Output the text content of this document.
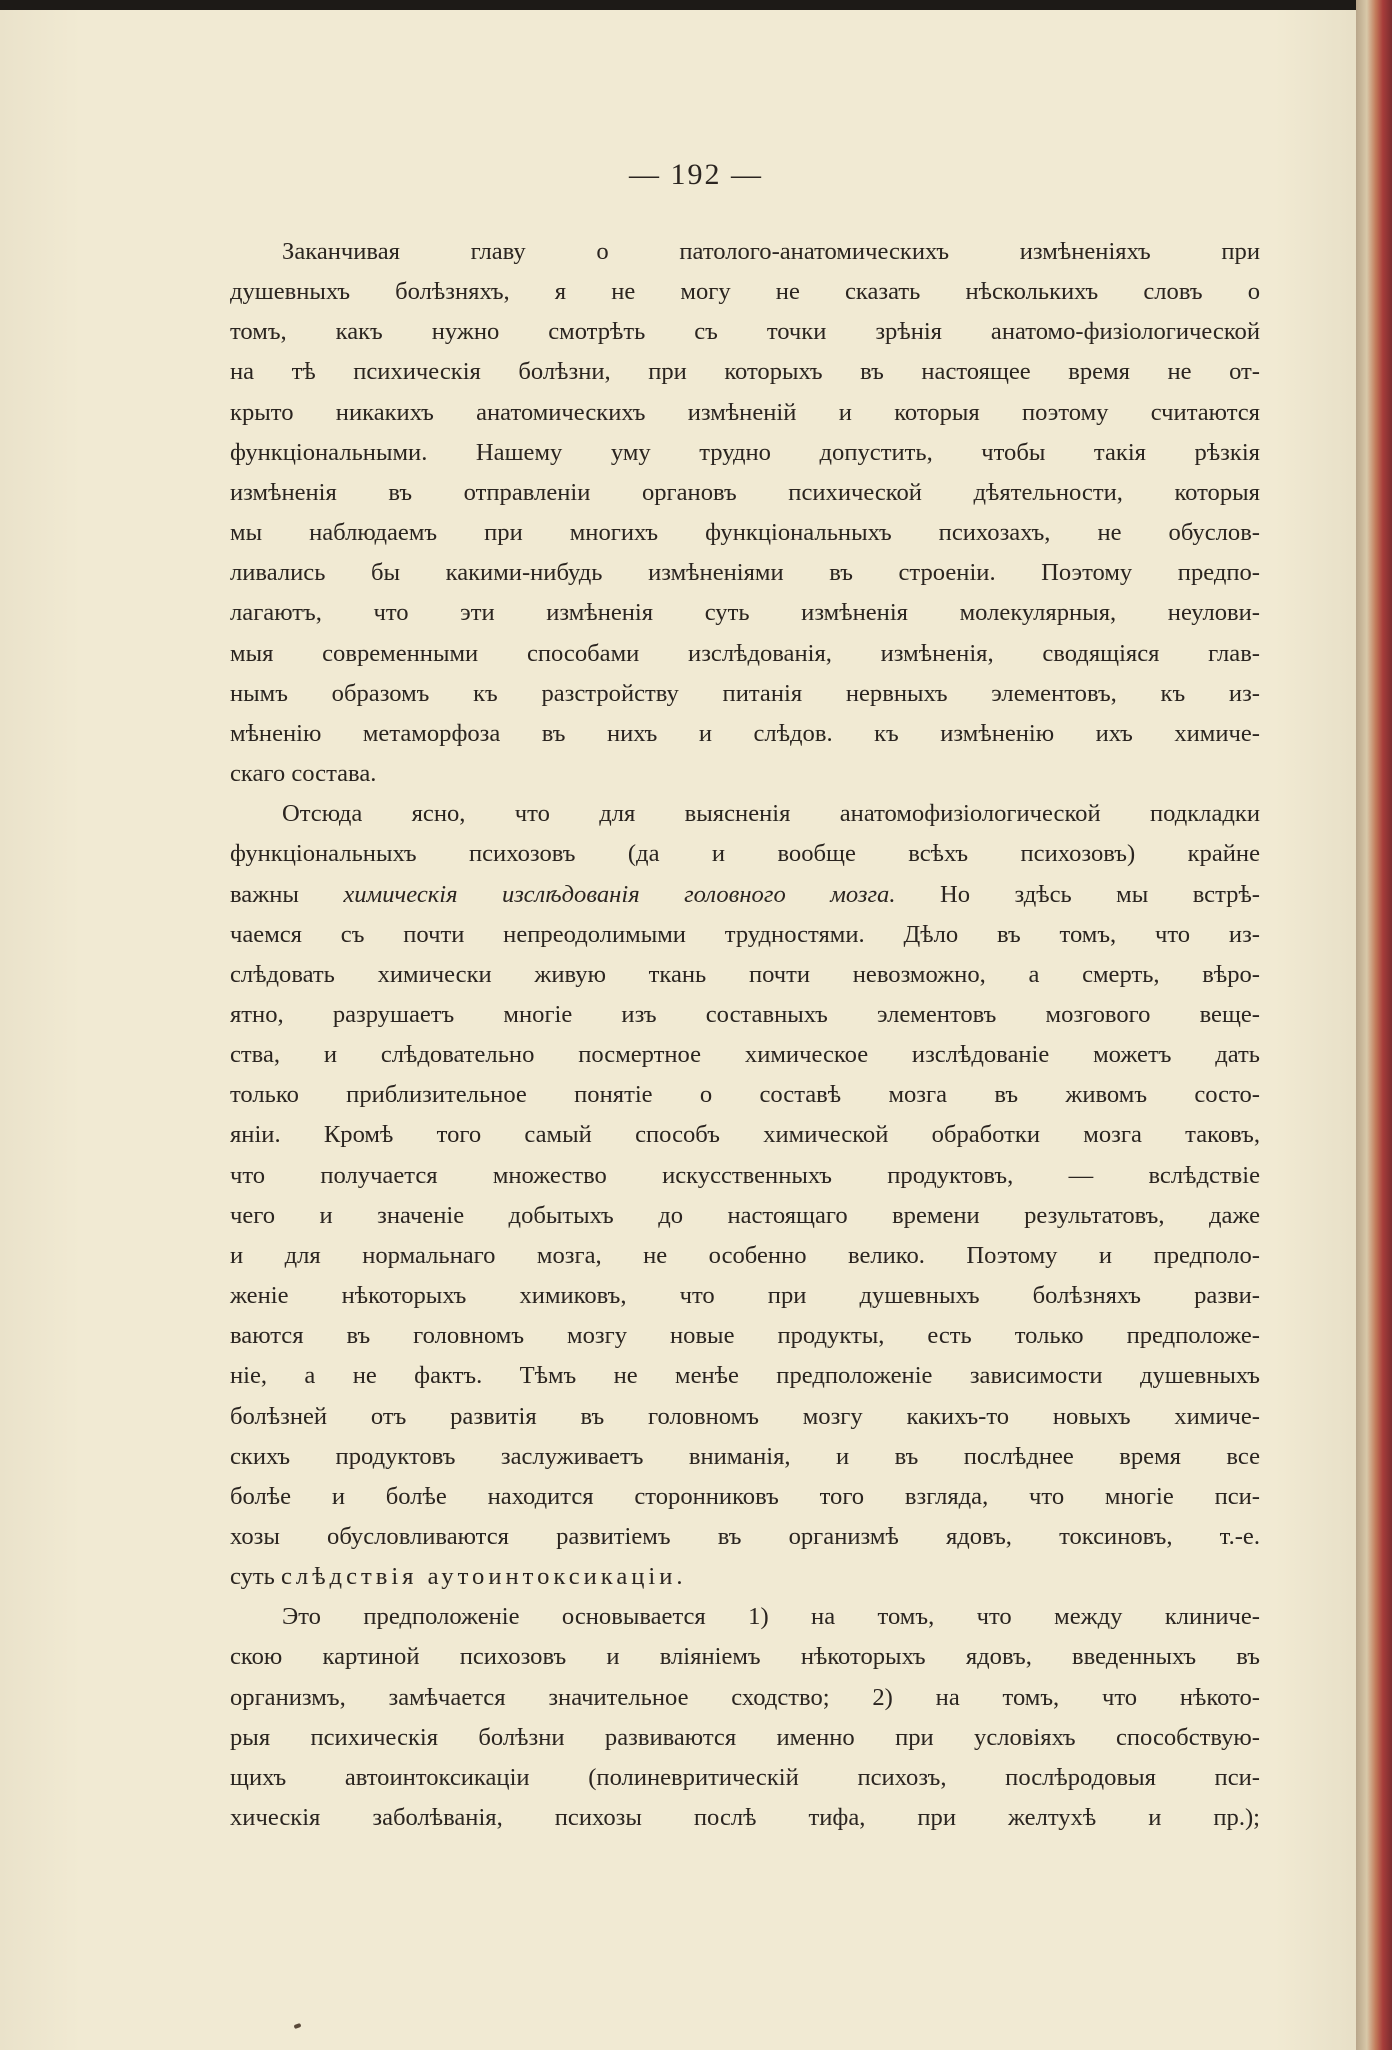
— 192 —

Заканчивая главу о патолого-анатомическихъ измѣненіяхъ при
душевныхъ болѣзняхъ, я не могу не сказать нѣсколькихъ словъ о
томъ, какъ нужно смотрѣть съ точки зрѣнія анатомо-физіологической
на тѣ психическія болѣзни, при которыхъ въ настоящее время не от-
крыто никакихъ анатомическихъ измѣненій и которыя поэтому считаются
функціональными. Нашему уму трудно допустить, чтобы такія рѣзкія
измѣненія въ отправленіи органовъ психической дѣятельности, которыя
мы наблюдаемъ при многихъ функціональныхъ психозахъ, не обуслов-
ливались бы какими-нибудь измѣненіями въ строеніи. Поэтому предпо-
лагаютъ, что эти измѣненія суть измѣненія молекулярныя, неулови-
мыя современными способами изслѣдованія, измѣненія, сводящіяся глав-
нымъ образомъ къ разстройству питанія нервныхъ элементовъ, къ из-
мѣненію метаморфоза въ нихъ и слѣдов. къ измѣненію ихъ химиче-
скаго состава.

Отсюда ясно, что для выясненія анатомофизіологической подкладки
функціональныхъ психозовъ (да и вообще всѣхъ психозовъ) крайне
важны химическія изслѣдованія головного мозга. Но здѣсь мы встрѣ-
чаемся съ почти непреодолимыми трудностями. Дѣло въ томъ, что из-
слѣдовать химически живую ткань почти невозможно, а смерть, вѣро-
ятно, разрушаетъ многіе изъ составныхъ элементовъ мозгового веще-
ства, и слѣдовательно посмертное химическое изслѣдованіе можетъ дать
только приблизительное понятіе о составѣ мозга въ живомъ состо-
яніи. Кромѣ того самый способъ химической обработки мозга таковъ,
что получается множество искусственныхъ продуктовъ, — вслѣдствіе
чего и значеніе добытыхъ до настоящаго времени результатовъ, даже
и для нормальнаго мозга, не особенно велико. Поэтому и предполо-
женіе нѣкоторыхъ химиковъ, что при душевныхъ болѣзняхъ разви-
ваются въ головномъ мозгу новые продукты, есть только предположе-
ніе, а не фактъ. Тѣмъ не менѣе предположеніе зависимости душевныхъ
болѣзней отъ развитія въ головномъ мозгу какихъ-то новыхъ химиче-
скихъ продуктовъ заслуживаетъ вниманія, и въ послѣднее время все
болѣе и болѣе находится сторонниковъ того взгляда, что многіе пси-
хозы обусловливаются развитіемъ въ организмѣ ядовъ, токсиновъ, т.-е.
суть слѣдствія аутоинтоксикаціи.

Это предположеніе основывается 1) на томъ, что между клиниче-
скою картиной психозовъ и вліяніемъ нѣкоторыхъ ядовъ, введенныхъ въ
организмъ, замѣчается значительное сходство; 2) на томъ, что нѣкото-
рыя психическія болѣзни развиваются именно при условіяхъ способствую-
щихъ автоинтоксикаціи (полиневритическій психозъ, послѣродовыя пси-
хическія заболѣванія, психозы послѣ тифа, при желтухѣ и пр.);
